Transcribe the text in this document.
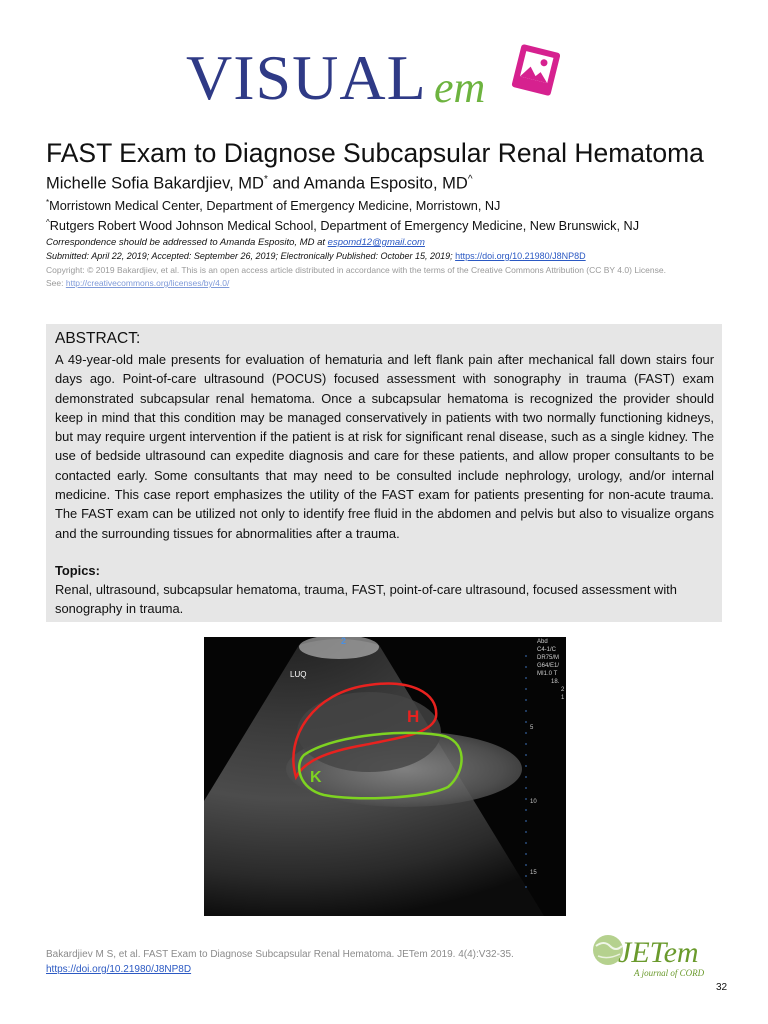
VISUAL em
FAST Exam to Diagnose Subcapsular Renal Hematoma
Michelle Sofia Bakardjiev, MD* and Amanda Esposito, MD^
*Morristown Medical Center, Department of Emergency Medicine, Morristown, NJ
^Rutgers Robert Wood Johnson Medical School, Department of Emergency Medicine, New Brunswick, NJ
Correspondence should be addressed to Amanda Esposito, MD at espomd12@gmail.com
Submitted: April 22, 2019; Accepted: September 26, 2019; Electronically Published: October 15, 2019; https://doi.org/10.21980/J8NP8D
Copyright: © 2019 Bakardjiev, et al. This is an open access article distributed in accordance with the terms of the Creative Commons Attribution (CC BY 4.0) License.
See: http://creativecommons.org/licenses/by/4.0/
ABSTRACT:
A 49-year-old male presents for evaluation of hematuria and left flank pain after mechanical fall down stairs four days ago. Point-of-care ultrasound (POCUS) focused assessment with sonography in trauma (FAST) exam demonstrated subcapsular renal hematoma. Once a subcapsular hematoma is recognized the provider should keep in mind that this condition may be managed conservatively in patients with two normally functioning kidneys, but may require urgent intervention if the patient is at risk for significant renal disease, such as a single kidney. The use of bedside ultrasound can expedite diagnosis and care for these patients, and allow proper consultants to be contacted early. Some consultants that may need to be consulted include nephrology, urology, and/or internal medicine. This case report emphasizes the utility of the FAST exam for patients presenting for non-acute trauma. The FAST exam can be utilized not only to identify free fluid in the abdomen and pelvis but also to visualize organs and the surrounding tissues for abnormalities after a trauma.
Topics:
Renal, ultrasound, subcapsular hematoma, trauma, FAST, point-of-care ultrasound, focused assessment with sonography in trauma.
LUQ
2
H
K
5
10
15
Abd
C4-1/C
DR75/M
G64/E1/
MI1.0 T
18.
2
1
Bakardjiev M S, et al. FAST Exam to Diagnose Subcapsular Renal Hematoma. JETem 2019. 4(4):V32-35.
https://doi.org/10.21980/J8NP8D
JETem
A journal of CORD
32
